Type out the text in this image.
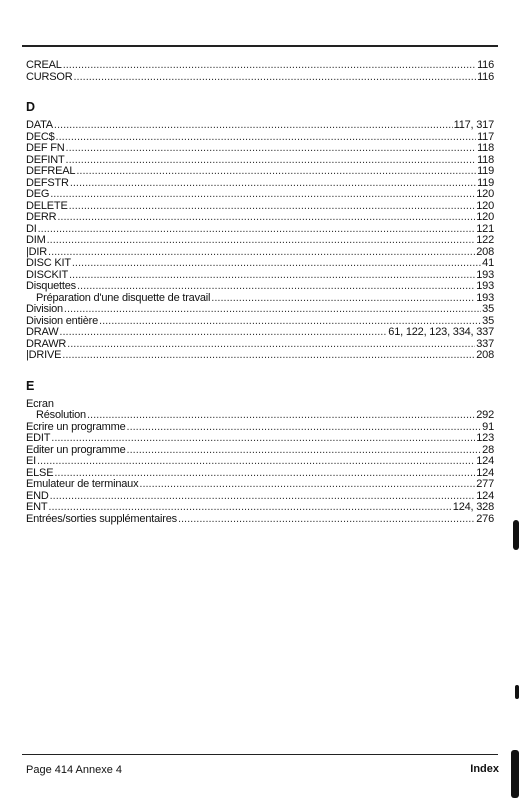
CREAL .....	116
CURSOR .....	116
D
DATA .....	117, 317
DEC$ .....	117
DEF FN .....	118
DEFINT .....	118
DEFREAL .....	119
DEFSTR .....	119
DEG .....	120
DELETE .....	120
DERR .....	120
DI .....	121
DIM .....	122
|DIR .....	208
DISC KIT .....	41
DISCKIT .....	193
Disquettes .....	193
Préparation d'une disquette de travail .....	193
Division .....	35
Division entière .....	35
DRAW .....	61, 122, 123, 334, 337
DRAWR .....	337
|DRIVE .....	208
E
Ecran
Résolution .....	292
Ecrire un programme .....	91
EDIT .....	123
Editer un programme .....	28
EI .....	124
ELSE .....	124
Emulateur de terminaux .....	277
END .....	124
ENT .....	124, 328
Entrées/sorties supplémentaires .....	276
Page 414 Annexe 4	Index
